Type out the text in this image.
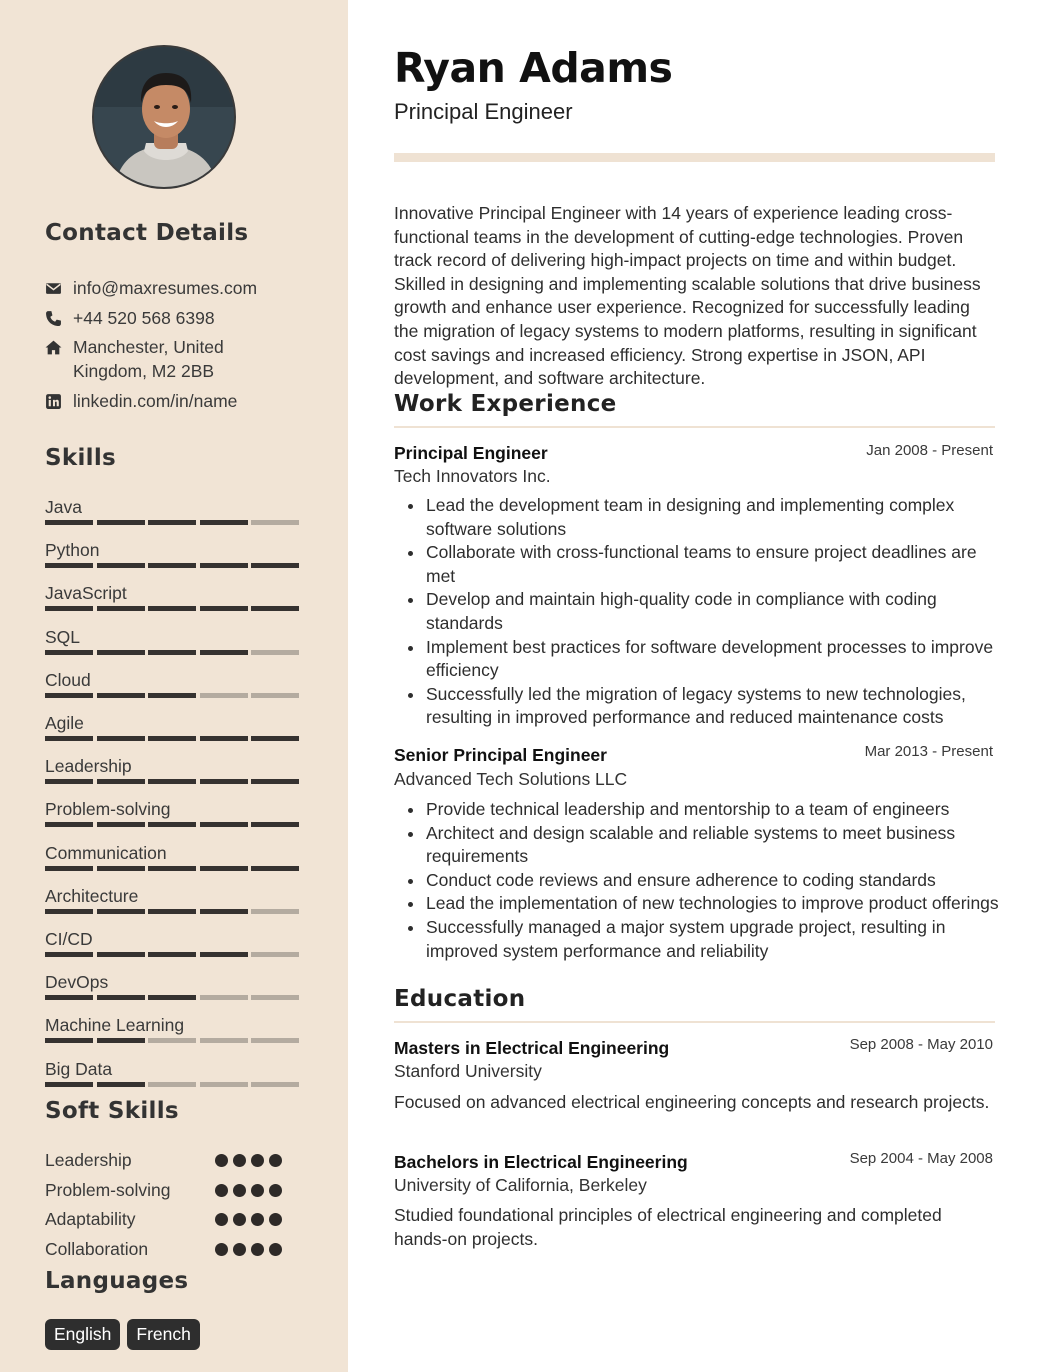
Contact Details
info@maxresumes.com
+44 520 568 6398
Manchester, United
Kingdom, M2 2BB
linkedin.com/in/name
Skills
Java
Python
JavaScript
SQL
Cloud
Agile
Leadership
Problem-solving
Communication
Architecture
CI/CD
DevOps
Machine Learning
Big Data
Soft Skills
Leadership
Problem-solving
Adaptability
Collaboration
Languages
English	French
Ryan Adams
Principal Engineer

Innovative Principal Engineer with 14 years of experience leading cross-functional teams in the development of cutting-edge technologies. Proven track record of delivering high-impact projects on time and within budget. Skilled in designing and implementing scalable solutions that drive business growth and enhance user experience. Recognized for successfully leading the migration of legacy systems to modern platforms, resulting in significant cost savings and increased efficiency. Strong expertise in JSON, API development, and software architecture.

Work Experience
Principal Engineer	Jan 2008 - Present
Tech Innovators Inc.
Lead the development team in designing and implementing complex software solutions
Collaborate with cross-functional teams to ensure project deadlines are met
Develop and maintain high-quality code in compliance with coding standards
Implement best practices for software development processes to improve efficiency
Successfully led the migration of legacy systems to new technologies, resulting in improved performance and reduced maintenance costs
Senior Principal Engineer	Mar 2013 - Present
Advanced Tech Solutions LLC
Provide technical leadership and mentorship to a team of engineers
Architect and design scalable and reliable systems to meet business requirements
Conduct code reviews and ensure adherence to coding standards
Lead the implementation of new technologies to improve product offerings
Successfully managed a major system upgrade project, resulting in improved system performance and reliability
Education
Masters in Electrical Engineering	Sep 2008 - May 2010
Stanford University

Focused on advanced electrical engineering concepts and research projects.

Bachelors in Electrical Engineering	Sep 2004 - May 2008
University of California, Berkeley

Studied foundational principles of electrical engineering and completed hands-on projects.
